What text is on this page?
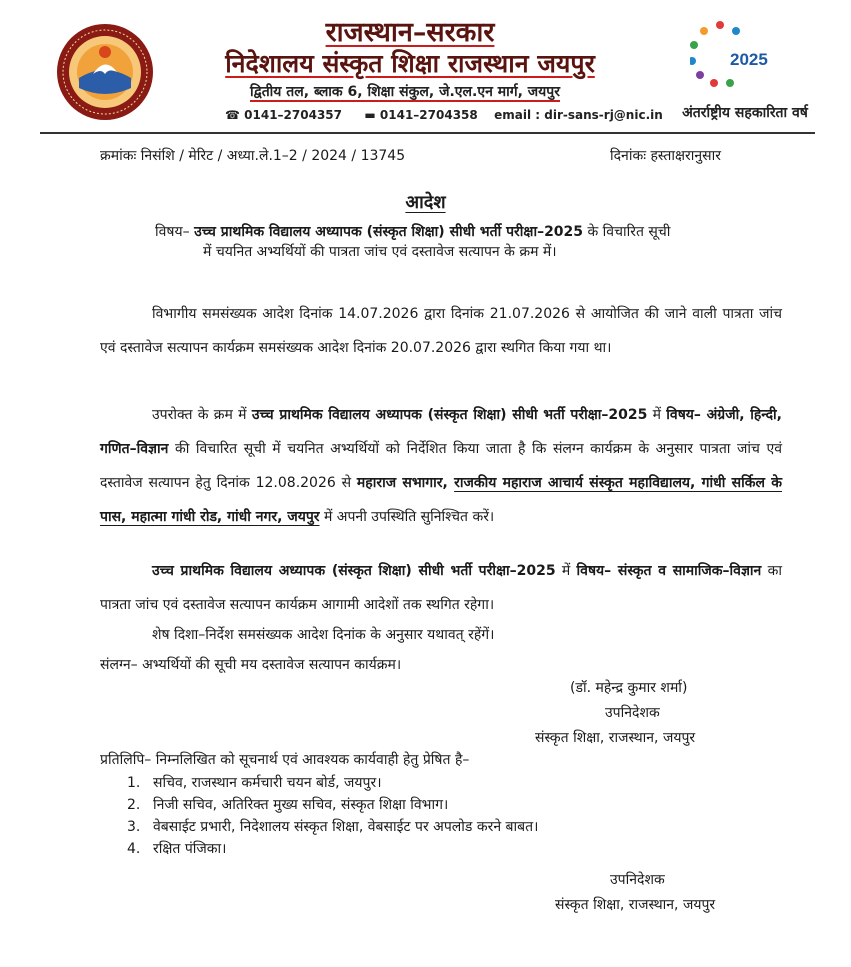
राजस्थान–सरकार
निदेशालय संस्कृत शिक्षा राजस्थान जयपुर
द्वितीय तल, ब्लाक 6, शिक्षा संकुल, जे.एल.एन मार्ग, जयपुर
☎ 0141–2704357 ▬ 0141–2704358 email : dir-sans-rj@nic.in
2025
अंतर्राष्ट्रीय सहकारिता वर्ष
क्रमांकः निसंशि / मेरिट / अध्या.ले.1–2 / 2024 / 13745	दिनांकः हस्ताक्षरानुसार
आदेश
विषय– उच्च प्राथमिक विद्यालय अध्यापक (संस्कृत शिक्षा) सीधी भर्ती परीक्षा–2025 के विचारित सूची
में चयनित अभ्यर्थियों की पात्रता जांच एवं दस्तावेज सत्यापन के क्रम में।
विभागीय समसंख्यक आदेश दिनांक 14.07.2026 द्वारा दिनांक 21.07.2026 से आयोजित की जाने वाली पात्रता जांच एवं दस्तावेज सत्यापन कार्यक्रम समसंख्यक आदेश दिनांक 20.07.2026 द्वारा स्थगित किया गया था।
उपरोक्त के क्रम में उच्च प्राथमिक विद्यालय अध्यापक (संस्कृत शिक्षा) सीधी भर्ती परीक्षा–2025 में विषय– अंग्रेजी, हिन्दी, गणित–विज्ञान की विचारित सूची में चयनित अभ्यर्थियों को निर्देशित किया जाता है कि संलग्न कार्यक्रम के अनुसार पात्रता जांच एवं दस्तावेज सत्यापन हेतु दिनांक 12.08.2026 से महाराज सभागार, राजकीय महाराज आचार्य संस्कृत महाविद्यालय, गांधी सर्किल के पास, महात्मा गांधी रोड, गांधी नगर, जयपुर में अपनी उपस्थिति सुनिश्चित करें।
उच्च प्राथमिक विद्यालय अध्यापक (संस्कृत शिक्षा) सीधी भर्ती परीक्षा–2025 में विषय– संस्कृत व सामाजिक–विज्ञान का पात्रता जांच एवं दस्तावेज सत्यापन कार्यक्रम आगामी आदेशों तक स्थगित रहेगा।
शेष दिशा–निर्देश समसंख्यक आदेश दिनांक के अनुसार यथावत् रहेंगें।
संलग्न– अभ्यर्थियों की सूची मय दस्तावेज सत्यापन कार्यक्रम।
(डॉ. महेन्द्र कुमार शर्मा)
उपनिदेशक
संस्कृत शिक्षा, राजस्थान, जयपुर
प्रतिलिपि– निम्नलिखित को सूचनार्थ एवं आवश्यक कार्यवाही हेतु प्रेषित है–
1. सचिव, राजस्थान कर्मचारी चयन बोर्ड, जयपुर।
2. निजी सचिव, अतिरिक्त मुख्य सचिव, संस्कृत शिक्षा विभाग।
3. वेबसाईट प्रभारी, निदेशालय संस्कृत शिक्षा, वेबसाईट पर अपलोड करने बाबत।
4. रक्षित पंजिका।
उपनिदेशक
संस्कृत शिक्षा, राजस्थान, जयपुर
